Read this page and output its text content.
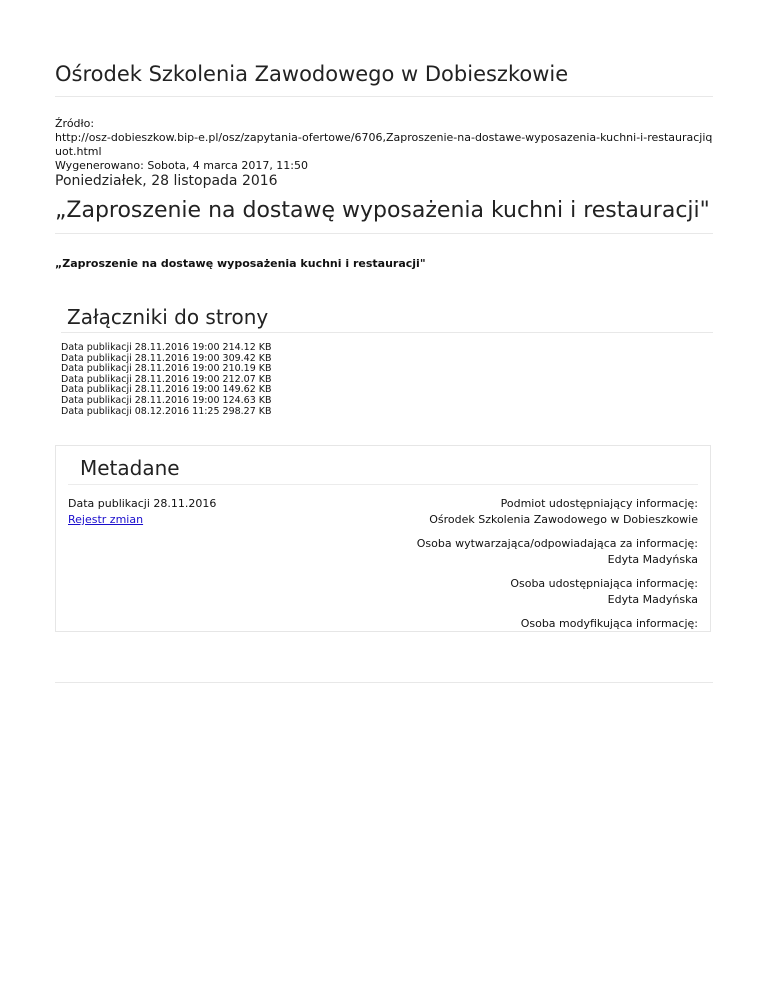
Ośrodek Szkolenia Zawodowego w Dobieszkowie
Źródło:
http://osz-dobieszkow.bip-e.pl/osz/zapytania-ofertowe/6706,Zaproszenie-na-dostawe-wyposazenia-kuchni-i-restauracjiquot.html
Wygenerowano: Sobota, 4 marca 2017, 11:50
Poniedziałek, 28 listopada 2016
„Zaproszenie na dostawę wyposażenia kuchni i restauracji"
„Zaproszenie na dostawę wyposażenia kuchni i restauracji"
Załączniki do strony
Data publikacji 28.11.2016 19:00 214.12 KB
Data publikacji 28.11.2016 19:00 309.42 KB
Data publikacji 28.11.2016 19:00 210.19 KB
Data publikacji 28.11.2016 19:00 212.07 KB
Data publikacji 28.11.2016 19:00 149.62 KB
Data publikacji 28.11.2016 19:00 124.63 KB
Data publikacji 08.12.2016 11:25 298.27 KB
Metadane
Data publikacji 28.11.2016
Rejestr zmian
Podmiot udostępniający informację:
Ośrodek Szkolenia Zawodowego w Dobieszkowie
Osoba wytwarzająca/odpowiadająca za informację:
Edyta Madyńska
Osoba udostępniająca informację:
Edyta Madyńska
Osoba modyfikująca informację:
